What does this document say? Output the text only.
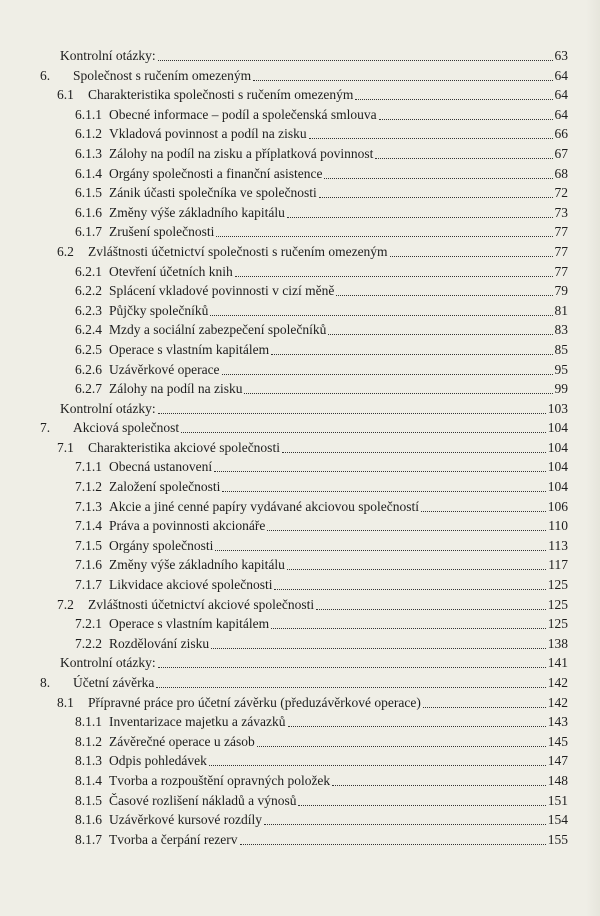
Kontrolní otázky:	63
6. Společnost s ručením omezeným	64
6.1 Charakteristika společnosti s ručením omezeným	64
6.1.1 Obecné informace – podíl a společenská smlouva	64
6.1.2 Vkladová povinnost a podíl na zisku	66
6.1.3 Zálohy na podíl na zisku a příplatková povinnost	67
6.1.4 Orgány společnosti a finanční asistence	68
6.1.5 Zánik účasti společníka ve společnosti	72
6.1.6 Změny výše základního kapitálu	73
6.1.7 Zrušení společnosti	77
6.2 Zvláštnosti účetnictví společnosti s ručením omezeným	77
6.2.1 Otevření účetních knih	77
6.2.2 Splácení vkladové povinnosti v cizí měně	79
6.2.3 Půjčky společníků	81
6.2.4 Mzdy a sociální zabezpečení společníků	83
6.2.5 Operace s vlastním kapitálem	85
6.2.6 Uzávěrkové operace	95
6.2.7 Zálohy na podíl na zisku	99
Kontrolní otázky:	103
7. Akciová společnost	104
7.1 Charakteristika akciové společnosti	104
7.1.1 Obecná ustanovení	104
7.1.2 Založení společnosti	104
7.1.3 Akcie a jiné cenné papíry vydávané akciovou společností	106
7.1.4 Práva a povinnosti akcionáře	110
7.1.5 Orgány společnosti	113
7.1.6 Změny výše základního kapitálu	117
7.1.7 Likvidace akciové společnosti	125
7.2 Zvláštnosti účetnictví akciové společnosti	125
7.2.1 Operace s vlastním kapitálem	125
7.2.2 Rozdělování zisku	138
Kontrolní otázky:	141
8. Účetní závěrka	142
8.1 Přípravné práce pro účetní závěrku (předuzávěrkové operace)	142
8.1.1 Inventarizace majetku a závazků	143
8.1.2 Závěrečné operace u zásob	145
8.1.3 Odpis pohledávek	147
8.1.4 Tvorba a rozpouštění opravných položek	148
8.1.5 Časové rozlišení nákladů a výnosů	151
8.1.6 Uzávěrkové kursové rozdíly	154
8.1.7 Tvorba a čerpání rezerv	155
